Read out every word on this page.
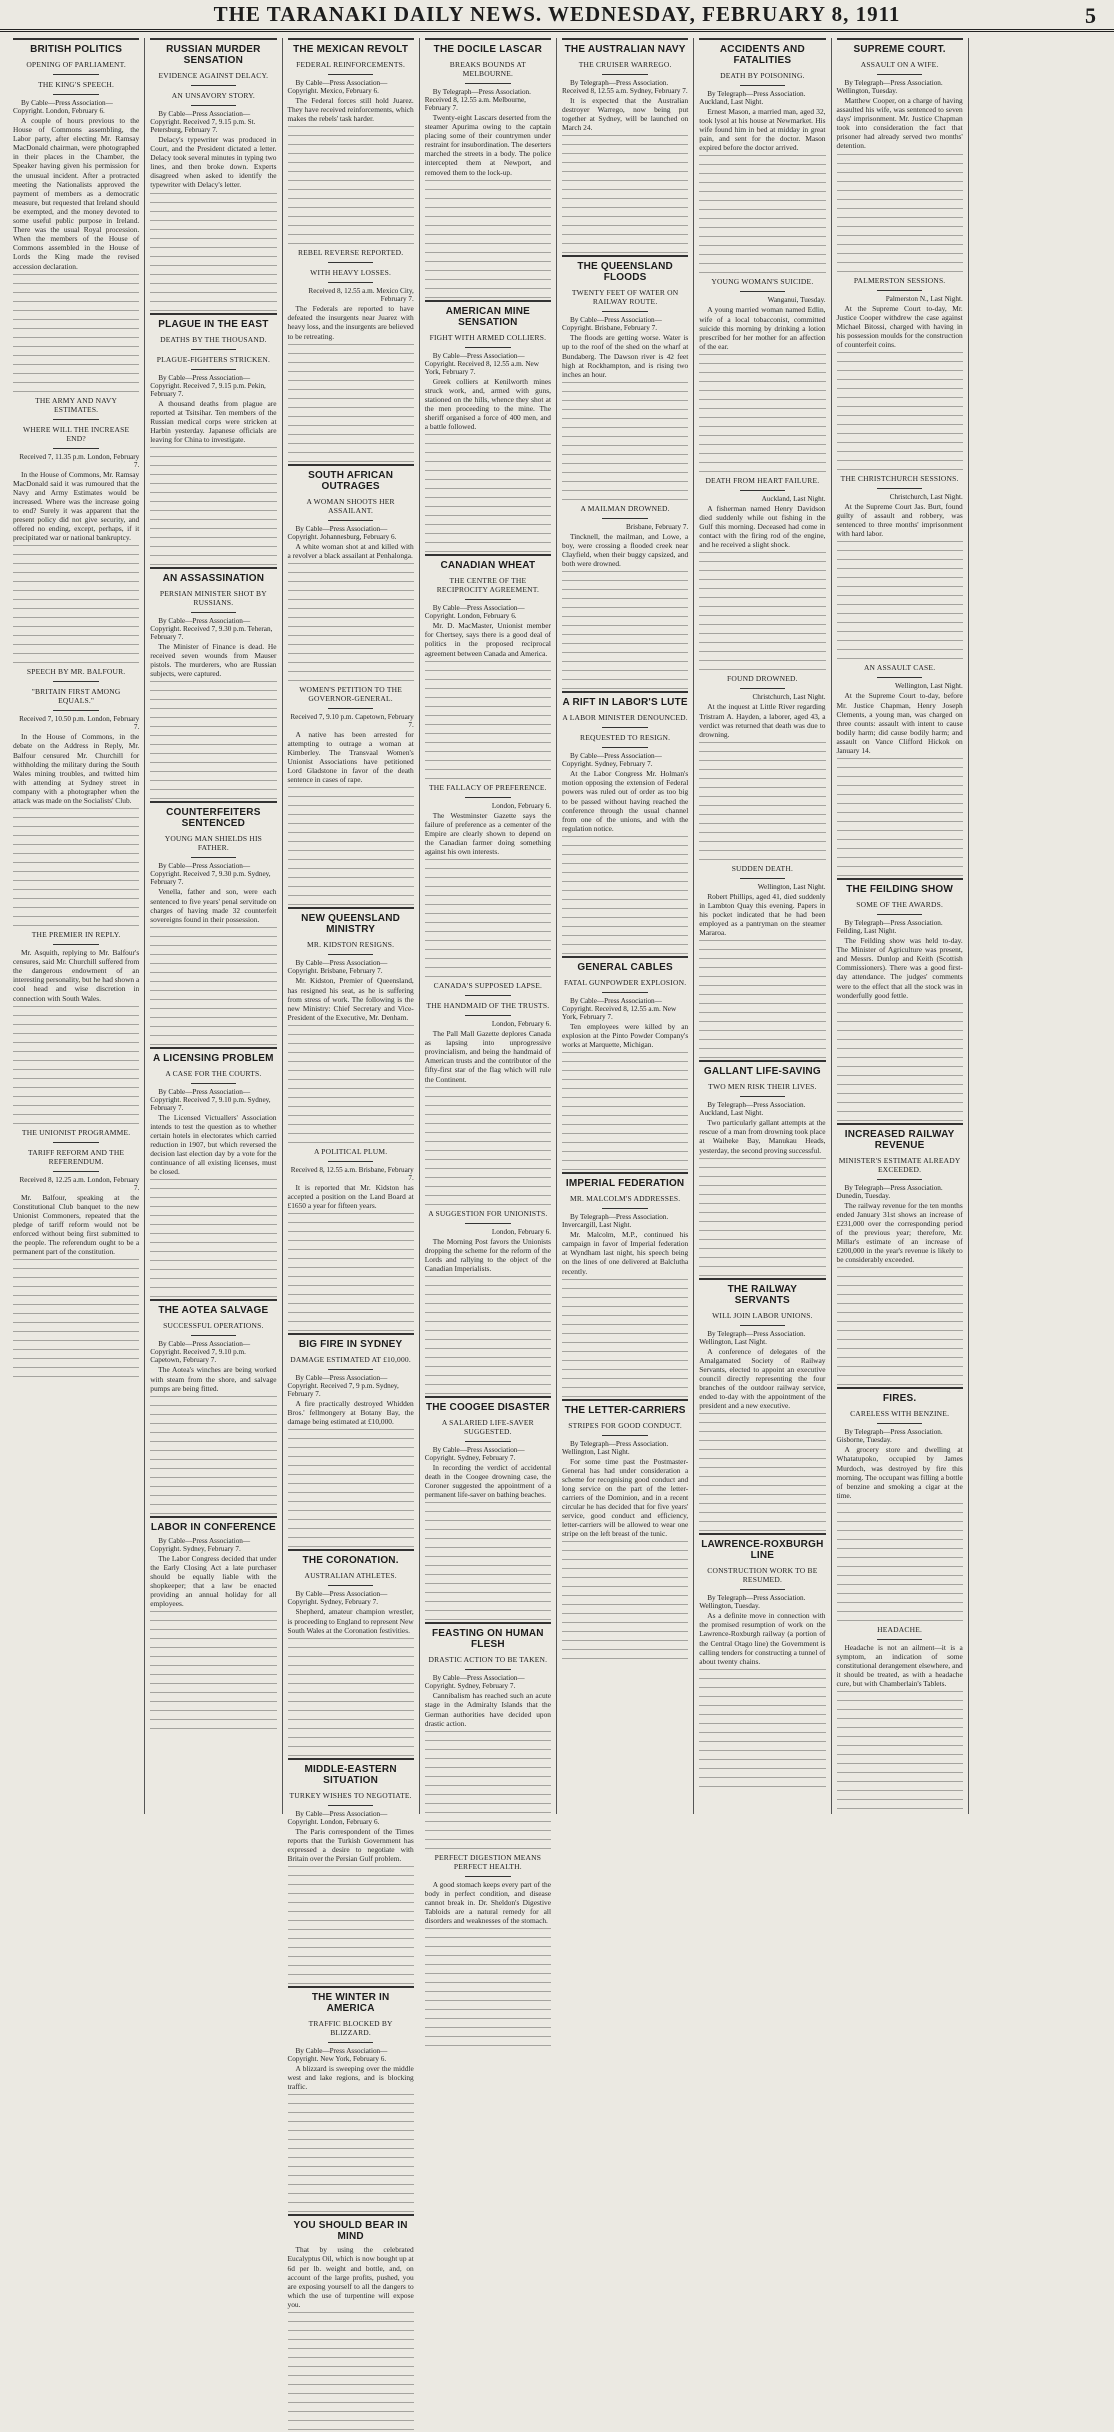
THE TARANAKI DAILY NEWS. WEDNESDAY, FEBRUARY 8, 1911	5
BRITISH POLITICS
OPENING OF PARLIAMENT.
THE KING'S SPEECH.
By Cable—Press Association—Copyright. London, February 6.
A couple of hours previous to the House of Commons assembling, the Labor party, after electing Mr. Ramsay MacDonald chairman, were photographed in their places in the Chamber, the Speaker having given his permission for the unusual incident. After a protracted meeting the Nationalists approved the payment of members as a democratic measure, but requested that Ireland should be exempted, and the money devoted to some useful public purpose in Ireland. There was the usual Royal procession. When the members of the House of Commons assembled in the House of Lords the King made the revised accession declaration.
THE ARMY AND NAVY ESTIMATES.
WHERE WILL THE INCREASE END?
Received 7, 11.35 p.m. London, February 7.
In the House of Commons, Mr. Ramsay MacDonald said it was rumoured that the Navy and Army Estimates would be increased. Where was the increase going to end? Surely it was apparent that the present policy did not give security, and offered no ending, except, perhaps, if it precipitated war or national bankruptcy.
SPEECH BY MR. BALFOUR.
"BRITAIN FIRST AMONG EQUALS."
Received 7, 10.50 p.m. London, February 7.
In the House of Commons, in the debate on the Address in Reply, Mr. Balfour censured Mr. Churchill for withholding the military during the South Wales mining troubles, and twitted him with attending at Sydney street in company with a photographer when the attack was made on the Socialists' Club.
THE PREMIER IN REPLY.
Mr. Asquith, replying to Mr. Balfour's censures, said Mr. Churchill suffered from the dangerous endowment of an interesting personality, but he had shown a cool head and wise discretion in connection with South Wales.
THE UNIONIST PROGRAMME.
TARIFF REFORM AND THE REFERENDUM.
Received 8, 12.25 a.m. London, February 7.
Mr. Balfour, speaking at the Constitutional Club banquet to the new Unionist Commoners, repeated that the pledge of tariff reform would not be enforced without being first submitted to the people. The referendum ought to be a permanent part of the constitution.
RUSSIAN MURDER SENSATION
EVIDENCE AGAINST DELACY.
AN UNSAVORY STORY.
By Cable—Press Association—Copyright. Received 7, 9.15 p.m. St. Petersburg, February 7.
Delacy's typewriter was produced in Court, and the President dictated a letter. Delacy took several minutes in typing two lines, and then broke down. Experts disagreed when asked to identify the typewriter with Delacy's letter.
PLAGUE IN THE EAST
DEATHS BY THE THOUSAND.
PLAGUE-FIGHTERS STRICKEN.
By Cable—Press Association—Copyright. Received 7, 9.15 p.m. Pekin, February 7.
A thousand deaths from plague are reported at Tsitsihar. Ten members of the Russian medical corps were stricken at Harbin yesterday. Japanese officials are leaving for China to investigate.
AN ASSASSINATION
PERSIAN MINISTER SHOT BY RUSSIANS.
By Cable—Press Association—Copyright. Received 7, 9.30 p.m. Teheran, February 7.
The Minister of Finance is dead. He received seven wounds from Mauser pistols. The murderers, who are Russian subjects, were captured.
COUNTERFEITERS SENTENCED
YOUNG MAN SHIELDS HIS FATHER.
By Cable—Press Association—Copyright. Received 7, 9.30 p.m. Sydney, February 7.
Venella, father and son, were each sentenced to five years' penal servitude on charges of having made 32 counterfeit sovereigns found in their possession.
A LICENSING PROBLEM
A CASE FOR THE COURTS.
By Cable—Press Association—Copyright. Received 7, 9.10 p.m. Sydney, February 7.
The Licensed Victuallers' Association intends to test the question as to whether certain hotels in electorates which carried reduction in 1907, but which reversed the decision last election day by a vote for the continuance of all existing licenses, must be closed.
THE AOTEA SALVAGE
SUCCESSFUL OPERATIONS.
By Cable—Press Association—Copyright. Received 7, 9.10 p.m. Capetown, February 7.
The Aotea's winches are being worked with steam from the shore, and salvage pumps are being fitted.
LABOR IN CONFERENCE
By Cable—Press Association—Copyright. Sydney, February 7.
The Labor Congress decided that under the Early Closing Act a late purchaser should be equally liable with the shopkeeper; that a law be enacted providing an annual holiday for all employees.
THE MEXICAN REVOLT
FEDERAL REINFORCEMENTS.
By Cable—Press Association—Copyright. Mexico, February 6.
The Federal forces still hold Juarez. They have received reinforcements, which makes the rebels' task harder.
REBEL REVERSE REPORTED.
WITH HEAVY LOSSES.
Received 8, 12.55 a.m. Mexico City, February 7.
The Federals are reported to have defeated the insurgents near Juarez with heavy loss, and the insurgents are believed to be retreating.
SOUTH AFRICAN OUTRAGES
A WOMAN SHOOTS HER ASSAILANT.
By Cable—Press Association—Copyright. Johannesburg, February 6.
A white woman shot at and killed with a revolver a black assailant at Penhalonga.
WOMEN'S PETITION TO THE GOVERNOR-GENERAL.
Received 7, 9.10 p.m. Capetown, February 7.
A native has been arrested for attempting to outrage a woman at Kimberley. The Transvaal Women's Unionist Associations have petitioned Lord Gladstone in favor of the death sentence in cases of rape.
NEW QUEENSLAND MINISTRY
MR. KIDSTON RESIGNS.
By Cable—Press Association—Copyright. Brisbane, February 7.
Mr. Kidston, Premier of Queensland, has resigned his seat, as he is suffering from stress of work. The following is the new Ministry: Chief Secretary and Vice-President of the Executive, Mr. Denham.
A POLITICAL PLUM.
Received 8, 12.55 a.m. Brisbane, February 7.
It is reported that Mr. Kidston has accepted a position on the Land Board at £1650 a year for fifteen years.
BIG FIRE IN SYDNEY
DAMAGE ESTIMATED AT £10,000.
By Cable—Press Association—Copyright. Received 7, 9 p.m. Sydney, February 7.
A fire practically destroyed Whidden Bros.' fellmongery at Botany Bay, the damage being estimated at £10,000.
THE CORONATION.
AUSTRALIAN ATHLETES.
By Cable—Press Association—Copyright. Sydney, February 7.
Shepherd, amateur champion wrestler, is proceeding to England to represent New South Wales at the Coronation festivities.
MIDDLE-EASTERN SITUATION
TURKEY WISHES TO NEGOTIATE.
By Cable—Press Association—Copyright. London, February 6.
The Paris correspondent of the Times reports that the Turkish Government has expressed a desire to negotiate with Britain over the Persian Gulf problem.
THE WINTER IN AMERICA
TRAFFIC BLOCKED BY BLIZZARD.
By Cable—Press Association—Copyright. New York, February 6.
A blizzard is sweeping over the middle west and lake regions, and is blocking traffic.
YOU SHOULD BEAR IN MIND
That by using the celebrated Eucalyptus Oil, which is now bought up at 6d per lb. weight and bottle, and, on account of the large profits, pushed, you are exposing yourself to all the dangers to which the use of turpentine will expose you.
THE DOCILE LASCAR
BREAKS BOUNDS AT MELBOURNE.
By Telegraph—Press Association. Received 8, 12.55 a.m. Melbourne, February 7.
Twenty-eight Lascars deserted from the steamer Apurima owing to the captain placing some of their countrymen under restraint for insubordination. The deserters marched the streets in a body. The police intercepted them at Newport, and removed them to the lock-up.
AMERICAN MINE SENSATION
FIGHT WITH ARMED COLLIERS.
By Cable—Press Association—Copyright. Received 8, 12.55 a.m. New York, February 7.
Greek colliers at Kenilworth mines struck work, and, armed with guns, stationed on the hills, whence they shot at the men proceeding to the mine. The sheriff organised a force of 400 men, and a battle followed.
CANADIAN WHEAT
THE CENTRE OF THE RECIPROCITY AGREEMENT.
By Cable—Press Association—Copyright. London, February 6.
Mr. D. MacMaster, Unionist member for Chertsey, says there is a good deal of politics in the proposed reciprocal agreement between Canada and America.
THE FALLACY OF PREFERENCE.
London, February 6.
The Westminster Gazette says the failure of preference as a cementer of the Empire are clearly shown to depend on the Canadian farmer doing something against his own interests.
CANADA'S SUPPOSED LAPSE.
THE HANDMAID OF THE TRUSTS.
London, February 6.
The Pall Mall Gazette deplores Canada as lapsing into unprogressive provincialism, and being the handmaid of American trusts and the contributor of the fifty-first star of the flag which will rule the Continent.
A SUGGESTION FOR UNIONISTS.
London, February 6.
The Morning Post favors the Unionists dropping the scheme for the reform of the Lords and rallying to the object of the Canadian Imperialists.
THE COOGEE DISASTER
A SALARIED LIFE-SAVER SUGGESTED.
By Cable—Press Association—Copyright. Sydney, February 7.
In recording the verdict of accidental death in the Coogee drowning case, the Coroner suggested the appointment of a permanent life-saver on bathing beaches.
FEASTING ON HUMAN FLESH
DRASTIC ACTION TO BE TAKEN.
By Cable—Press Association—Copyright. Sydney, February 7.
Cannibalism has reached such an acute stage in the Admiralty Islands that the German authorities have decided upon drastic action.
PERFECT DIGESTION MEANS PERFECT HEALTH.
A good stomach keeps every part of the body in perfect condition, and disease cannot break in. Dr. Sheldon's Digestive Tabloids are a natural remedy for all disorders and weaknesses of the stomach.
THE AUSTRALIAN NAVY
THE CRUISER WARREGO.
By Telegraph—Press Association. Received 8, 12.55 a.m. Sydney, February 7.
It is expected that the Australian destroyer Warrego, now being put together at Sydney, will be launched on March 24.
THE QUEENSLAND FLOODS
TWENTY FEET OF WATER ON RAILWAY ROUTE.
By Cable—Press Association—Copyright. Brisbane, February 7.
The floods are getting worse. Water is up to the roof of the shed on the wharf at Bundaberg. The Dawson river is 42 feet high at Rockhampton, and is rising two inches an hour.
A MAILMAN DROWNED.
Brisbane, February 7.
Tincknell, the mailman, and Lowe, a boy, were crossing a flooded creek near Clayfield, when their buggy capsized, and both were drowned.
A RIFT IN LABOR'S LUTE
A LABOR MINISTER DENOUNCED.
REQUESTED TO RESIGN.
By Cable—Press Association—Copyright. Sydney, February 7.
At the Labor Congress Mr. Holman's motion opposing the extension of Federal powers was ruled out of order as too big to be passed without having reached the conference through the usual channel from one of the unions, and with the regulation notice.
GENERAL CABLES
FATAL GUNPOWDER EXPLOSION.
By Cable—Press Association—Copyright. Received 8, 12.55 a.m. New York, February 7.
Ten employees were killed by an explosion at the Pinto Powder Company's works at Marquette, Michigan.
IMPERIAL FEDERATION
MR. MALCOLM'S ADDRESSES.
By Telegraph—Press Association. Invercargill, Last Night.
Mr. Malcolm, M.P., continued his campaign in favor of Imperial federation at Wyndham last night, his speech being on the lines of one delivered at Balclutha recently.
THE LETTER-CARRIERS
STRIPES FOR GOOD CONDUCT.
By Telegraph—Press Association. Wellington, Last Night.
For some time past the Postmaster-General has had under consideration a scheme for recognising good conduct and long service on the part of the letter-carriers of the Dominion, and in a recent circular he has decided that for five years' service, good conduct and efficiency, letter-carriers will be allowed to wear one stripe on the left breast of the tunic.
ACCIDENTS AND FATALITIES
DEATH BY POISONING.
By Telegraph—Press Association. Auckland, Last Night.
Ernest Mason, a married man, aged 32, took lysol at his house at Newmarket. His wife found him in bed at midday in great pain, and sent for the doctor. Mason expired before the doctor arrived.
YOUNG WOMAN'S SUICIDE.
Wanganui, Tuesday.
A young married woman named Edlin, wife of a local tobacconist, committed suicide this morning by drinking a lotion prescribed for her mother for an affection of the ear.
DEATH FROM HEART FAILURE.
Auckland, Last Night.
A fisherman named Henry Davidson died suddenly while out fishing in the Gulf this morning. Deceased had come in contact with the firing rod of the engine, and he received a slight shock.
FOUND DROWNED.
Christchurch, Last Night.
At the inquest at Little River regarding Tristram A. Hayden, a laborer, aged 43, a verdict was returned that death was due to drowning.
SUDDEN DEATH.
Wellington, Last Night.
Robert Phillips, aged 41, died suddenly in Lambton Quay this evening. Papers in his pocket indicated that he had been employed as a pantryman on the steamer Mararoa.
GALLANT LIFE-SAVING
TWO MEN RISK THEIR LIVES.
By Telegraph—Press Association. Auckland, Last Night.
Two particularly gallant attempts at the rescue of a man from drowning took place at Waiheke Bay, Manukau Heads, yesterday, the second proving successful.
THE RAILWAY SERVANTS
WILL JOIN LABOR UNIONS.
By Telegraph—Press Association. Wellington, Last Night.
A conference of delegates of the Amalgamated Society of Railway Servants, elected to appoint an executive council directly representing the four branches of the outdoor railway service, ended to-day with the appointment of the president and a new executive.
LAWRENCE-ROXBURGH LINE
CONSTRUCTION WORK TO BE RESUMED.
By Telegraph—Press Association. Wellington, Tuesday.
As a definite move in connection with the promised resumption of work on the Lawrence-Roxburgh railway (a portion of the Central Otago line) the Government is calling tenders for constructing a tunnel of about twenty chains.
SUPREME COURT.
ASSAULT ON A WIFE.
By Telegraph—Press Association. Wellington, Tuesday.
Matthew Cooper, on a charge of having assaulted his wife, was sentenced to seven days' imprisonment. Mr. Justice Chapman took into consideration the fact that prisoner had already served two months' detention.
PALMERSTON SESSIONS.
Palmerston N., Last Night.
At the Supreme Court to-day, Mr. Justice Cooper withdrew the case against Michael Bitossi, charged with having in his possession moulds for the construction of counterfeit coins.
THE CHRISTCHURCH SESSIONS.
Christchurch, Last Night.
At the Supreme Court Jas. Burt, found guilty of assault and robbery, was sentenced to three months' imprisonment with hard labor.
AN ASSAULT CASE.
Wellington, Last Night.
At the Supreme Court to-day, before Mr. Justice Chapman, Henry Joseph Clements, a young man, was charged on three counts: assault with intent to cause bodily harm; did cause bodily harm; and assault on Vance Clifford Hickok on January 14.
THE FEILDING SHOW
SOME OF THE AWARDS.
By Telegraph—Press Association. Feilding, Last Night.
The Feilding show was held to-day. The Minister of Agriculture was present, and Messrs. Dunlop and Keith (Scottish Commissioners). There was a good first-day attendance. The judges' comments were to the effect that all the stock was in wonderfully good fettle.
INCREASED RAILWAY REVENUE
MINISTER'S ESTIMATE ALREADY EXCEEDED.
By Telegraph—Press Association. Dunedin, Tuesday.
The railway revenue for the ten months ended January 31st shows an increase of £231,000 over the corresponding period of the previous year; therefore, Mr. Millar's estimate of an increase of £200,000 in the year's revenue is likely to be considerably exceeded.
FIRES.
CARELESS WITH BENZINE.
By Telegraph—Press Association. Gisborne, Tuesday.
A grocery store and dwelling at Whatatupoko, occupied by James Murdoch, was destroyed by fire this morning. The occupant was filling a bottle of benzine and smoking a cigar at the time.
HEADACHE.
Headache is not an ailment—it is a symptom, an indication of some constitutional derangement elsewhere, and it should be treated, as with a headache cure, but with Chamberlain's Tablets.
